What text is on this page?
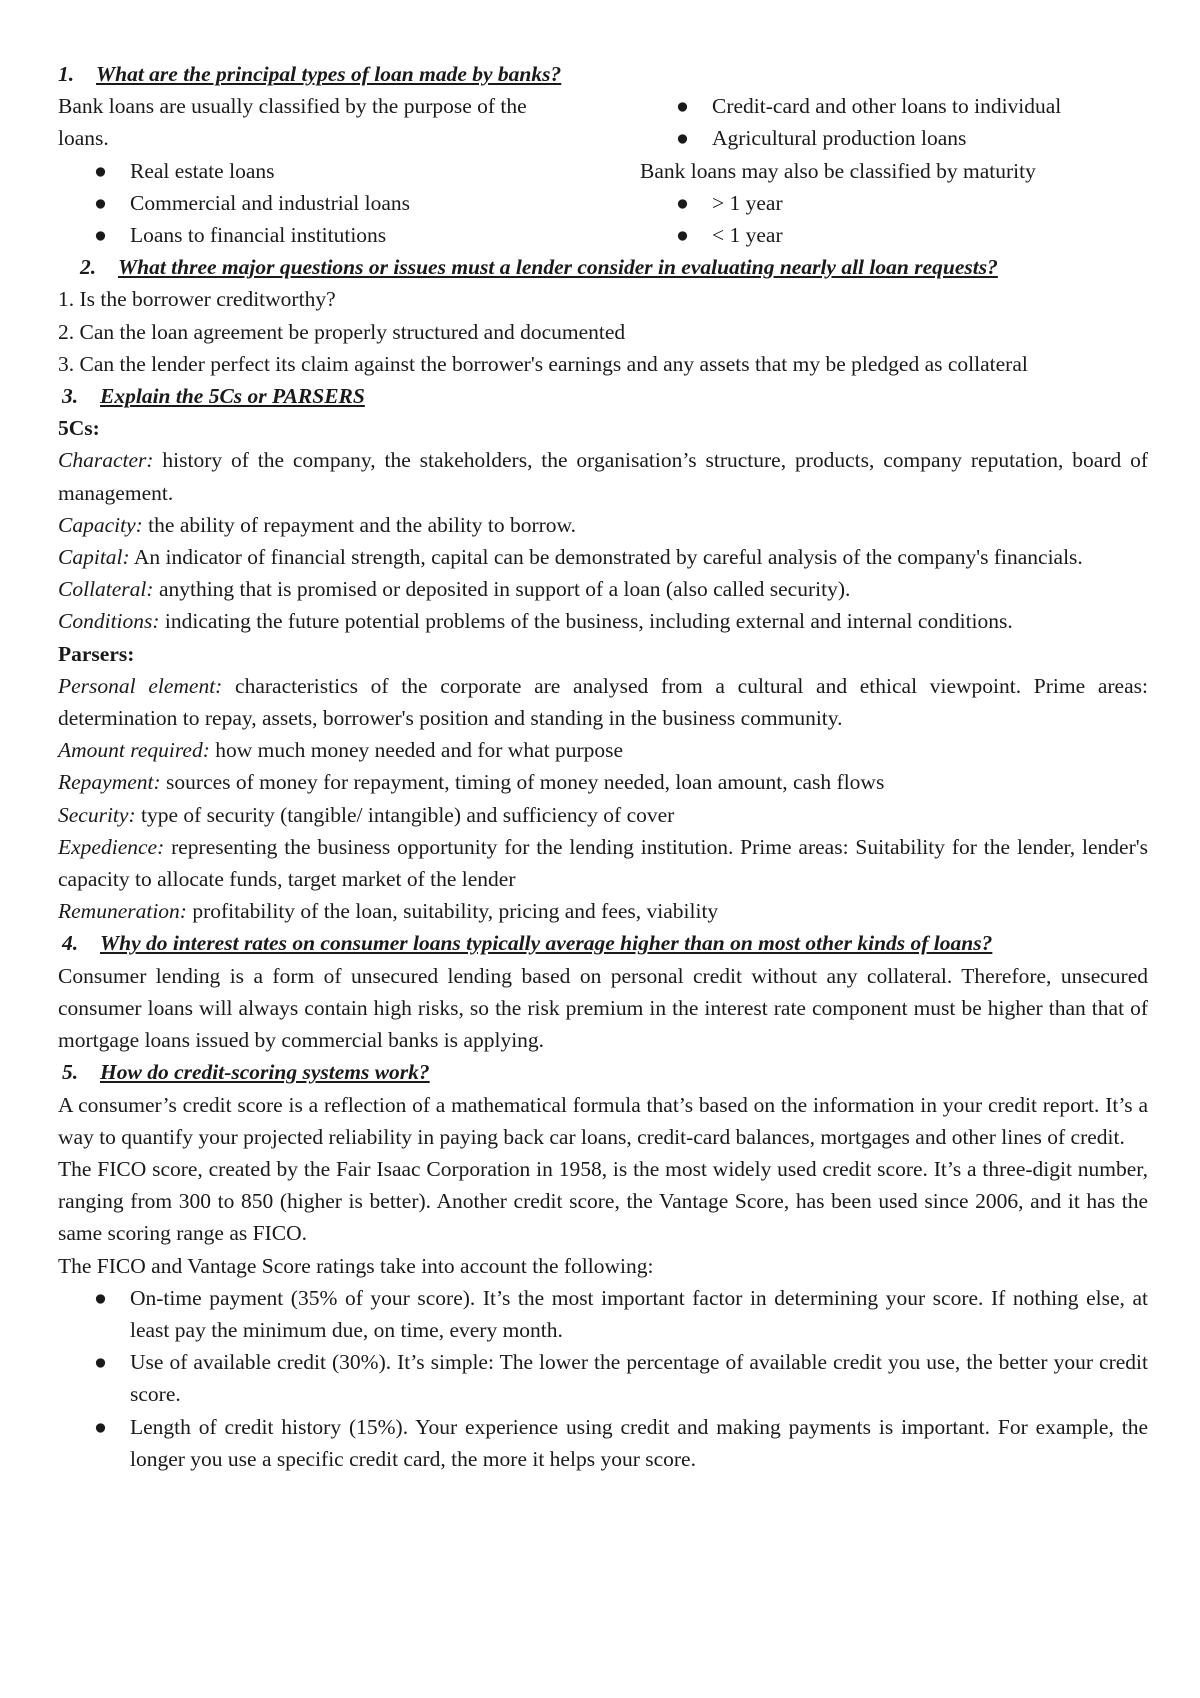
1. What are the principal types of loan made by banks?
Bank loans are usually classified by the purpose of the loans.
● Real estate loans
● Commercial and industrial loans
● Loans to financial institutions
● Credit-card and other loans to individual
● Agricultural production loans
Bank loans may also be classified by maturity
● > 1 year
● < 1 year
2. What three major questions or issues must a lender consider in evaluating nearly all loan requests?
1. Is the borrower creditworthy?
2. Can the loan agreement be properly structured and documented
3. Can the lender perfect its claim against the borrower's earnings and any assets that my be pledged as collateral
3. Explain the 5Cs or PARSERS
5Cs:
Character: history of the company, the stakeholders, the organisation’s structure, products, company reputation, board of management.
Capacity: the ability of repayment and the ability to borrow.
Capital: An indicator of financial strength, capital can be demonstrated by careful analysis of the company's financials.
Collateral: anything that is promised or deposited in support of a loan (also called security).
Conditions: indicating the future potential problems of the business, including external and internal conditions.
Parsers:
Personal element: characteristics of the corporate are analysed from a cultural and ethical viewpoint. Prime areas: determination to repay, assets, borrower's position and standing in the business community.
Amount required: how much money needed and for what purpose
Repayment: sources of money for repayment, timing of money needed, loan amount, cash flows
Security: type of security (tangible/ intangible) and sufficiency of cover
Expedience: representing the business opportunity for the lending institution. Prime areas: Suitability for the lender, lender's capacity to allocate funds, target market of the lender
Remuneration: profitability of the loan, suitability, pricing and fees, viability
4. Why do interest rates on consumer loans typically average higher than on most other kinds of loans?
Consumer lending is a form of unsecured lending based on personal credit without any collateral. Therefore, unsecured consumer loans will always contain high risks, so the risk premium in the interest rate component must be higher than that of mortgage loans issued by commercial banks is applying.
5. How do credit-scoring systems work?
A consumer’s credit score is a reflection of a mathematical formula that’s based on the information in your credit report. It’s a way to quantify your projected reliability in paying back car loans, credit-card balances, mortgages and other lines of credit.
The FICO score, created by the Fair Isaac Corporation in 1958, is the most widely used credit score. It’s a three-digit number, ranging from 300 to 850 (higher is better). Another credit score, the Vantage Score, has been used since 2006, and it has the same scoring range as FICO.
The FICO and Vantage Score ratings take into account the following:
● On-time payment (35% of your score). It’s the most important factor in determining your score. If nothing else, at least pay the minimum due, on time, every month.
● Use of available credit (30%). It’s simple: The lower the percentage of available credit you use, the better your credit score.
● Length of credit history (15%). Your experience using credit and making payments is important. For example, the longer you use a specific credit card, the more it helps your score.
